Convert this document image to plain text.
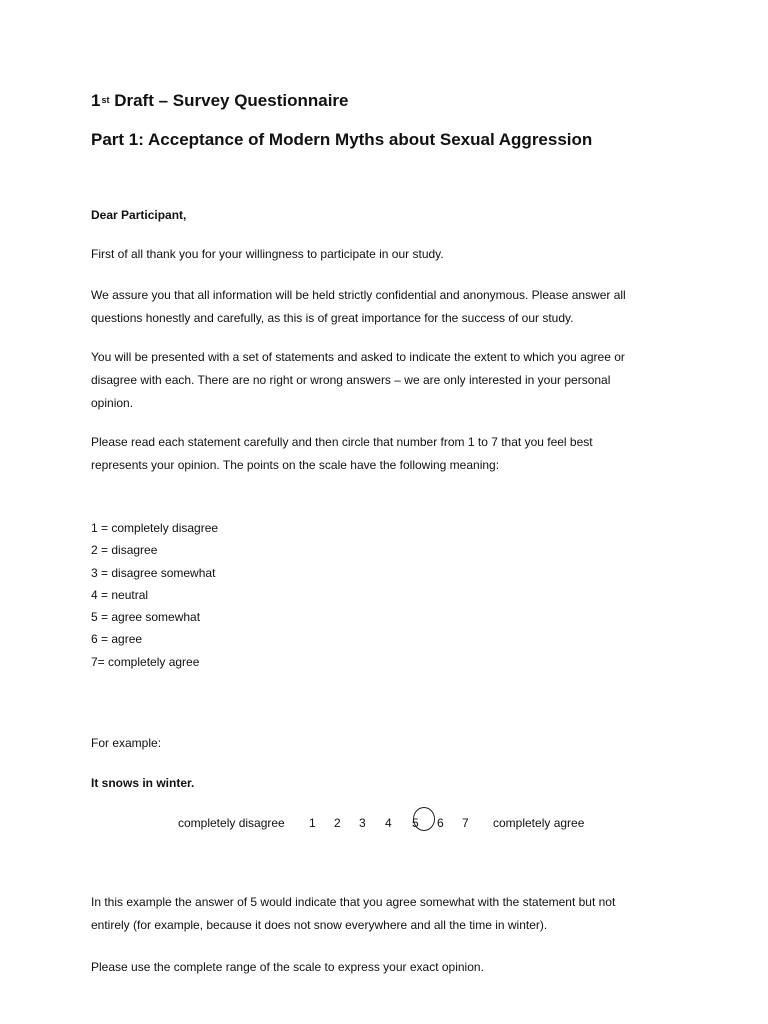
1st Draft – Survey Questionnaire
Part 1: Acceptance of Modern Myths about Sexual Aggression
Dear Participant,
First of all thank you for your willingness to participate in our study.
We assure you that all information will be held strictly confidential and anonymous. Please answer all
questions honestly and carefully, as this is of great importance for the success of our study.
You will be presented with a set of statements and asked to indicate the extent to which you agree or
disagree with each. There are no right or wrong answers – we are only interested in your personal
opinion.
Please read each statement carefully and then circle that number from 1 to 7 that you feel best
represents your opinion. The points on the scale have the following meaning:
1 = completely disagree
2 = disagree
3 = disagree somewhat
4 = neutral
5 = agree somewhat
6 = agree
7= completely agree
For example:
It snows in winter.
completely disagree 1 2 3 4 5 6 7 completely agree
In this example the answer of 5 would indicate that you agree somewhat with the statement but not
entirely (for example, because it does not snow everywhere and all the time in winter).
Please use the complete range of the scale to express your exact opinion.
